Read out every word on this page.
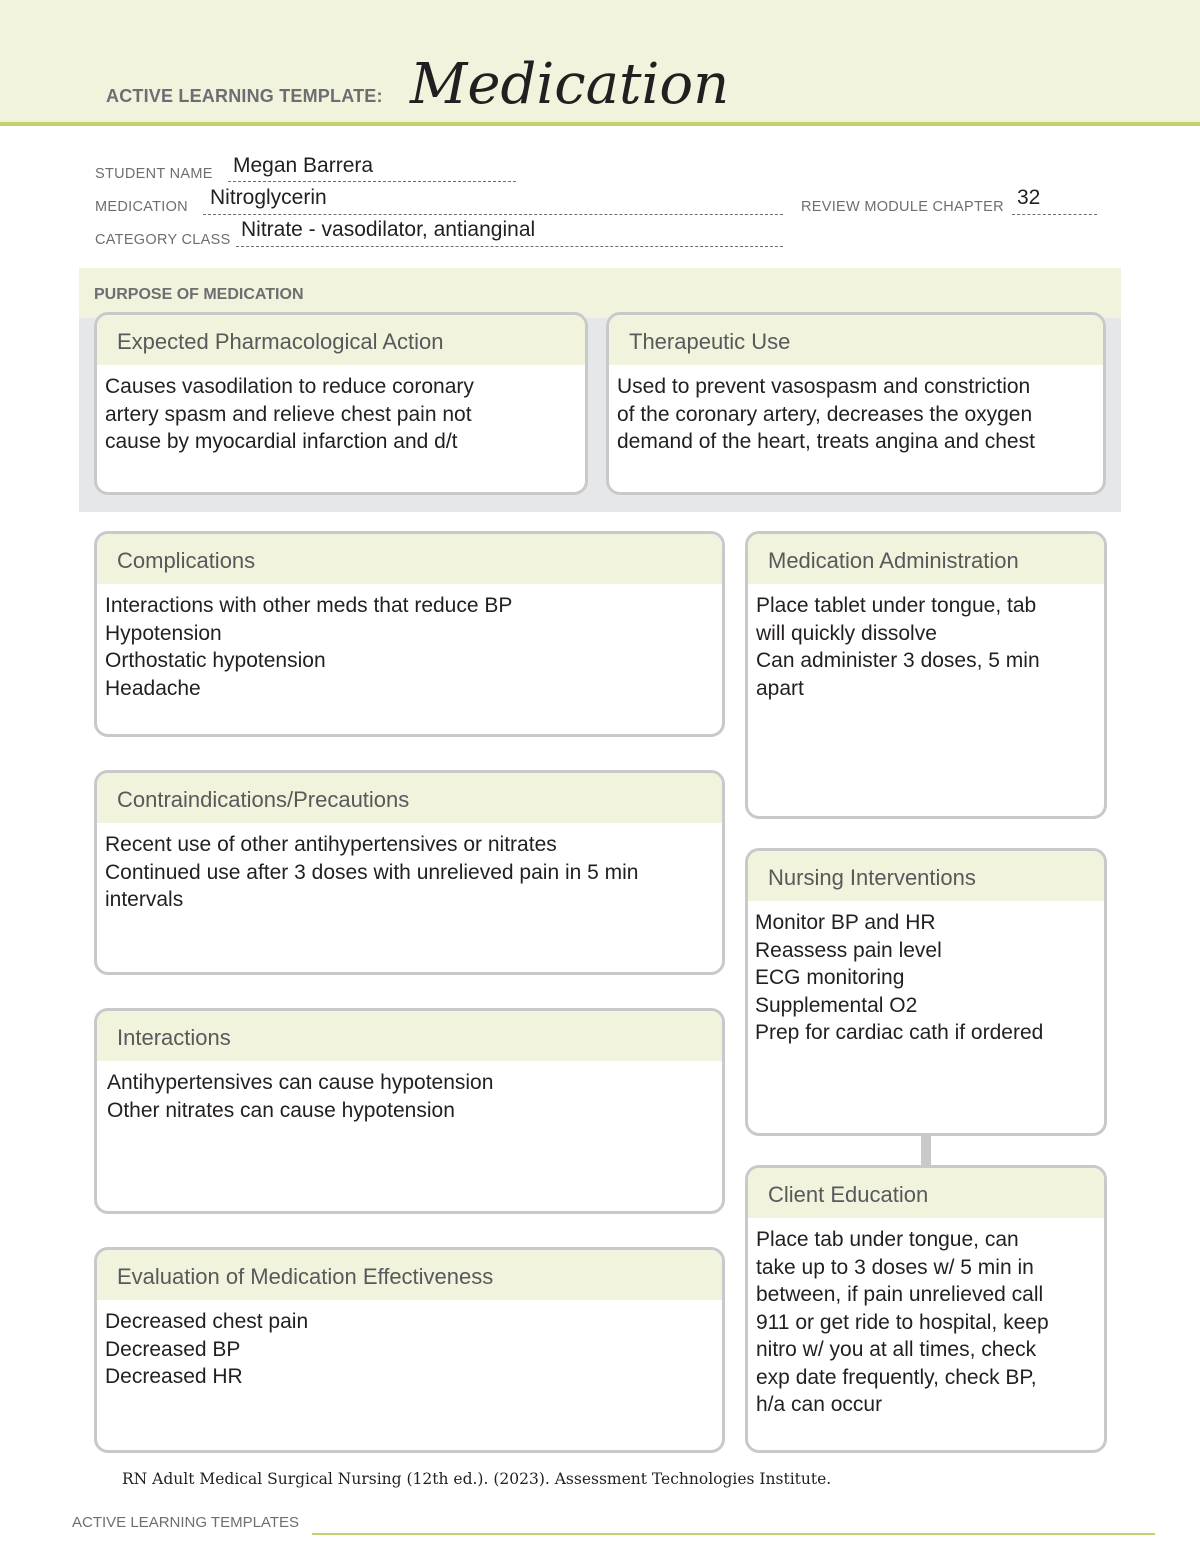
ACTIVE LEARNING TEMPLATE: Medication
STUDENT NAME Megan Barrera
MEDICATION Nitroglycerin	REVIEW MODULE CHAPTER 32
CATEGORY CLASS Nitrate - vasodilator, antianginal
PURPOSE OF MEDICATION
Expected Pharmacological Action
Causes vasodilation to reduce coronary
artery spasm and relieve chest pain not
cause by myocardial infarction and d/t
Therapeutic Use
Used to prevent vasospasm and constriction
of the coronary artery, decreases the oxygen
demand of the heart, treats angina and chest
Complications
Interactions with other meds that reduce BP
Hypotension
Orthostatic hypotension
Headache
Contraindications/Precautions
Recent use of other antihypertensives or nitrates
Continued use after 3 doses with unrelieved pain in 5 min
intervals
Interactions
Antihypertensives can cause hypotension
Other nitrates can cause hypotension
Evaluation of Medication Effectiveness
Decreased chest pain
Decreased BP
Decreased HR
Medication Administration
Place tablet under tongue, tab
will quickly dissolve
Can administer 3 doses, 5 min
apart
Nursing Interventions
Monitor BP and HR
Reassess pain level
ECG monitoring
Supplemental O2
Prep for cardiac cath if ordered
Client Education
Place tab under tongue, can
take up to 3 doses w/ 5 min in
between, if pain unrelieved call
911 or get ride to hospital, keep
nitro w/ you at all times, check
exp date frequently, check BP,
h/a can occur
RN Adult Medical Surgical Nursing (12th ed.). (2023). Assessment Technologies Institute.
ACTIVE LEARNING TEMPLATES
